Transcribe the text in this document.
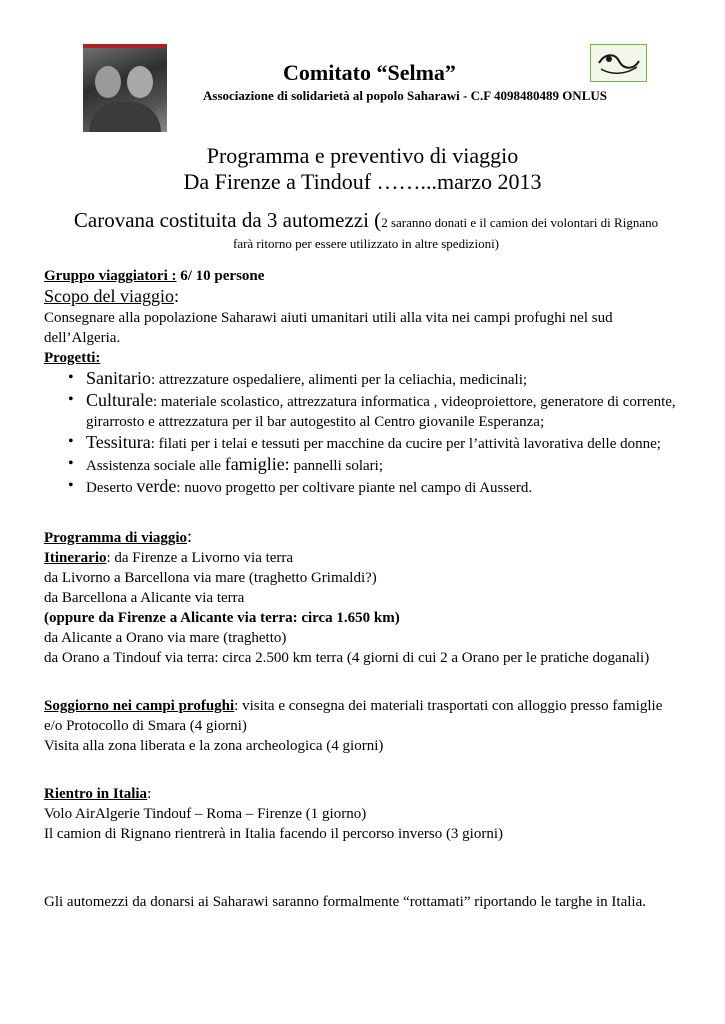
Comitato “Selma”
Associazione di solidarietà al popolo Saharawi - C.F 4098480489 ONLUS
Programma e preventivo di viaggio
Da Firenze a Tindouf ……...marzo 2013
Carovana costituita da 3 automezzi (2 saranno donati e il camion dei volontari di Rignano
farà ritorno per essere utilizzato in altre spedizioni)

Gruppo viaggiatori : 6/ 10 persone

Scopo del viaggio:

Consegnare alla popolazione Saharawi aiuti umanitari utili alla vita nei campi profughi nel sud dell’Algeria.

Progetti:

• Sanitario: attrezzature ospedaliere, alimenti per la celiachia, medicinali;
• Culturale: materiale scolastico, attrezzatura informatica , videoproiettore, generatore di corrente, girarrosto e attrezzatura per il bar autogestito al Centro giovanile Esperanza;
• Tessitura: filati per i telai e tessuti per macchine da cucire per l’attività lavorativa delle donne;
• Assistenza sociale alle famiglie: pannelli solari;
• Deserto verde: nuovo progetto per coltivare piante nel campo di Ausserd.

Programma di viaggio:

Itinerario: da Firenze a Livorno via terra

da Livorno a Barcellona via mare (traghetto Grimaldi?)

da Barcellona a Alicante via terra

(oppure da Firenze a Alicante via terra: circa 1.650 km)

da Alicante a Orano via mare (traghetto)

da Orano a Tindouf via terra: circa 2.500 km terra (4 giorni di cui 2 a Orano per le pratiche doganali)

Soggiorno nei campi profughi: visita e consegna dei materiali trasportati con alloggio presso famiglie e/o Protocollo di Smara (4 giorni)

Visita alla zona liberata e la zona archeologica (4 giorni)

Rientro in Italia:

Volo AirAlgerie Tindouf – Roma – Firenze (1 giorno)

Il camion di Rignano rientrerà in Italia facendo il percorso inverso (3 giorni)

Gli automezzi da donarsi ai Saharawi saranno formalmente “rottamati” riportando le targhe in Italia.
